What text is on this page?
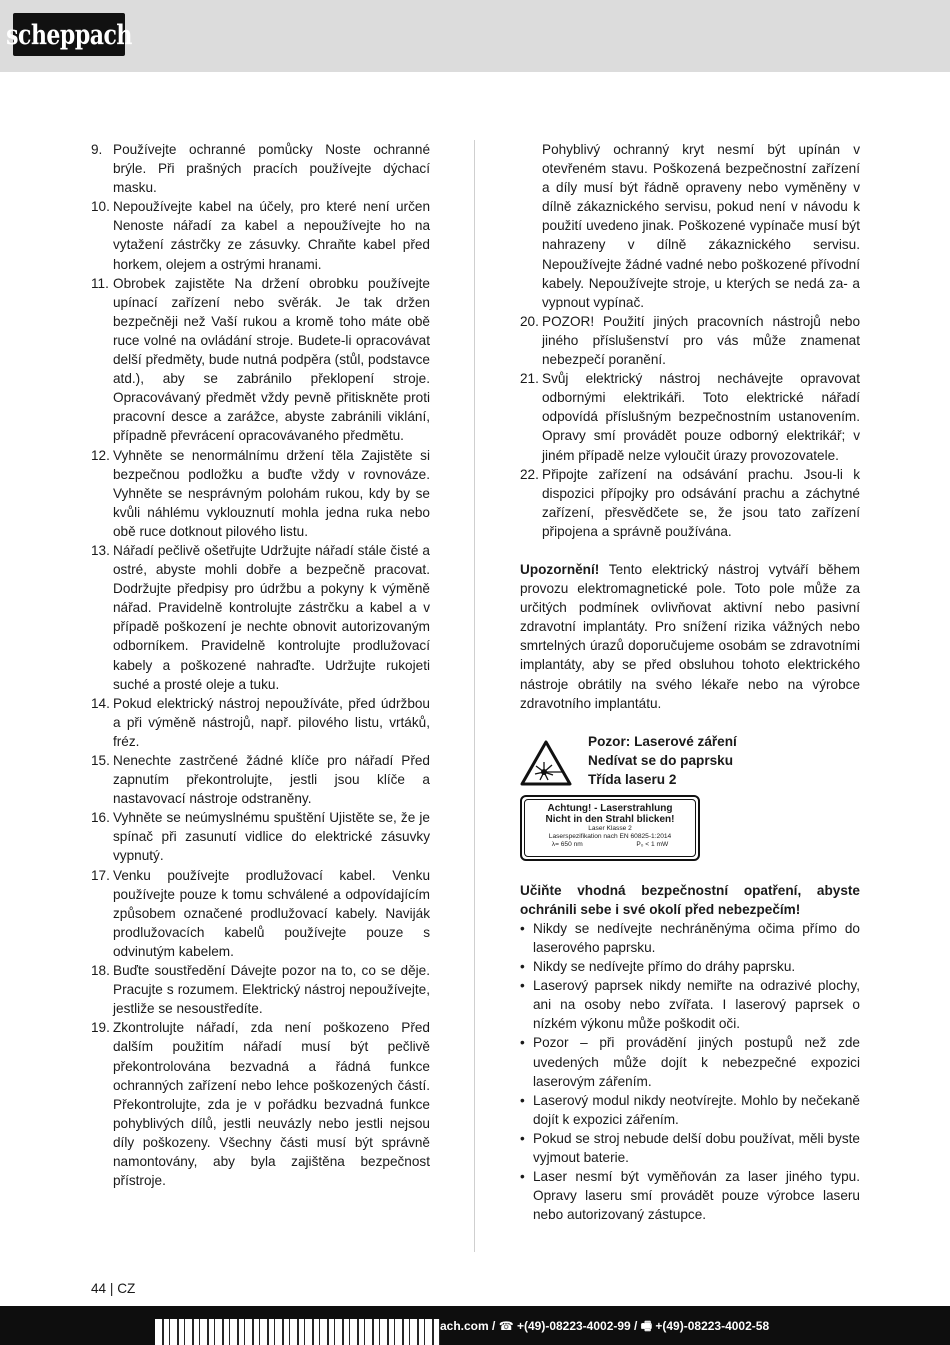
scheppach
9. Používejte ochranné pomůcky Noste ochranné brýle. Při prašných pracích používejte dýchací masku.
10. Nepoužívejte kabel na účely, pro které není určen Nenoste nářadí za kabel a nepoužívejte ho na vytažení zástrčky ze zásuvky. Chraňte kabel před horkem, olejem a ostrými hranami.
11. Obrobek zajistěte Na držení obrobku používejte upínací zařízení nebo svěrák. Je tak držen bezpečněji než Vaší rukou a kromě toho máte obě ruce volné na ovládání stroje. Budete-li opracovávat delší předměty, bude nutná podpěra (stůl, podstavce atd.), aby se zabránilo překlopení stroje. Opracovávaný předmět vždy pevně přitiskněte proti pracovní desce a zarážce, abyste zabránili viklání, případně převrácení opracovávaného předmětu.
12. Vyhněte se nenormálnímu držení těla Zajistěte si bezpečnou podložku a buďte vždy v rovnováze. Vyhněte se nesprávným polohám rukou, kdy by se kvůli náhlému vyklouznutí mohla jedna ruka nebo obě ruce dotknout pilového listu.
13. Nářadí pečlivě ošetřujte Udržujte nářadí stále čisté a ostré, abyste mohli dobře a bezpečně pracovat. Dodržujte předpisy pro údržbu a pokyny k výměně nářad. Pravidelně kontrolujte zástrčku a kabel a v případě poškození je nechte obnovit autorizovaným odborníkem. Pravidelně kontrolujte prodlužovací kabely a poškozené nahraďte. Udržujte rukojeti suché a prosté oleje a tuku.
14. Pokud elektrický nástroj nepoužíváte, před údržbou a při výměně nástrojů, např. pilového listu, vrtáků, fréz.
15. Nenechte zastrčené žádné klíče pro nářadí Před zapnutím překontrolujte, jestli jsou klíče a nastavovací nástroje odstraněny.
16. Vyhněte se neúmyslnému spuštění Ujistěte se, že je spínač při zasunutí vidlice do elektrické zásuvky vypnutý.
17. Venku používejte prodlužovací kabel. Venku používejte pouze k tomu schválené a odpovídajícím způsobem označené prodlužovací kabely. Naviják prodlužovacích kabelů používejte pouze s odvinutým kabelem.
18. Buďte soustředění Dávejte pozor na to, co se děje. Pracujte s rozumem. Elektrický nástroj nepoužívejte, jestliže se nesoustředíte.
19. Zkontrolujte nářadí, zda není poškozeno Před dalším použitím nářadí musí být pečlivě překontrolována bezvadná a řádná funkce ochranných zařízení nebo lehce poškozených částí. Překontrolujte, zda je v pořádku bezvadná funkce pohyblivých dílů, jestli neuvázly nebo jestli nejsou díly poškozeny. Všechny části musí být správně namontovány, aby byla zajištěna bezpečnost přístroje.
Pohyblivý ochranný kryt nesmí být upínán v otevřeném stavu. Poškozená bezpečnostní zařízení a díly musí být řádně opraveny nebo vyměněny v dílně zákaznického servisu, pokud není v návodu k použití uvedeno jinak. Poškozené vypínače musí být nahrazeny v dílně zákaznického servisu. Nepoužívejte žádné vadné nebo poškozené přívodní kabely. Nepoužívejte stroje, u kterých se nedá za- a vypnout vypínač.
20. POZOR! Použití jiných pracovních nástrojů nebo jiného příslušenství pro vás může znamenat nebezpečí poranění.
21. Svůj elektrický nástroj nechávejte opravovat odbornými elektrikáři. Toto elektrické nářadí odpovídá příslušným bezpečnostním ustanovením. Opravy smí provádět pouze odborný elektrikář; v jiném případě nelze vyloučit úrazy provozovatele.
22. Připojte zařízení na odsávání prachu. Jsou-li k dispozici přípojky pro odsávání prachu a záchytné zařízení, přesvědčete se, že jsou tato zařízení připojena a správně používána.
Upozornění! Tento elektrický nástroj vytváří během provozu elektromagnetické pole. Toto pole může za určitých podmínek ovlivňovat aktivní nebo pasivní zdravotní implantáty. Pro snížení rizika vážných nebo smrtelných úrazů doporučujeme osobám se zdravotními implantáty, aby se před obsluhou tohoto elektrického nástroje obrátily na svého lékaře nebo na výrobce zdravotního implantátu.
Pozor: Laserové záření
Nedívat se do paprsku
Třída laseru 2
Achtung! - Laserstrahlung
Nicht in den Strahl blicken!
Laser Klasse 2
Laserspezifikation nach EN 60825-1:2014
λ= 650 nm	P₀ < 1 mW
Učiňte vhodná bezpečnostní opatření, abyste ochránili sebe i své okolí před nebezpečím!
• Nikdy se nedívejte nechráněnýma očima přímo do laserového paprsku.
• Nikdy se nedívejte přímo do dráhy paprsku.
• Laserový paprsek nikdy nemiřte na odrazivé plochy, ani na osoby nebo zvířata. I laserový paprsek o nízkém výkonu může poškodit oči.
• Pozor – při provádění jiných postupů než zde uvedených může dojít k nebezpečné expozici laserovým zářením.
• Laserový modul nikdy neotvírejte. Mohlo by nečekaně dojít k expozici zářením.
• Pokud se stroj nebude delší dobu používat, měli byste vyjmout baterie.
• Laser nesmí být vyměňován za laser jiného typu. Opravy laseru smí provádět pouze výrobce laseru nebo autorizovaný zástupce.
44 | CZ
ach.com / ☎ +(49)-08223-4002-99 / 🖷 +(49)-08223-4002-58
